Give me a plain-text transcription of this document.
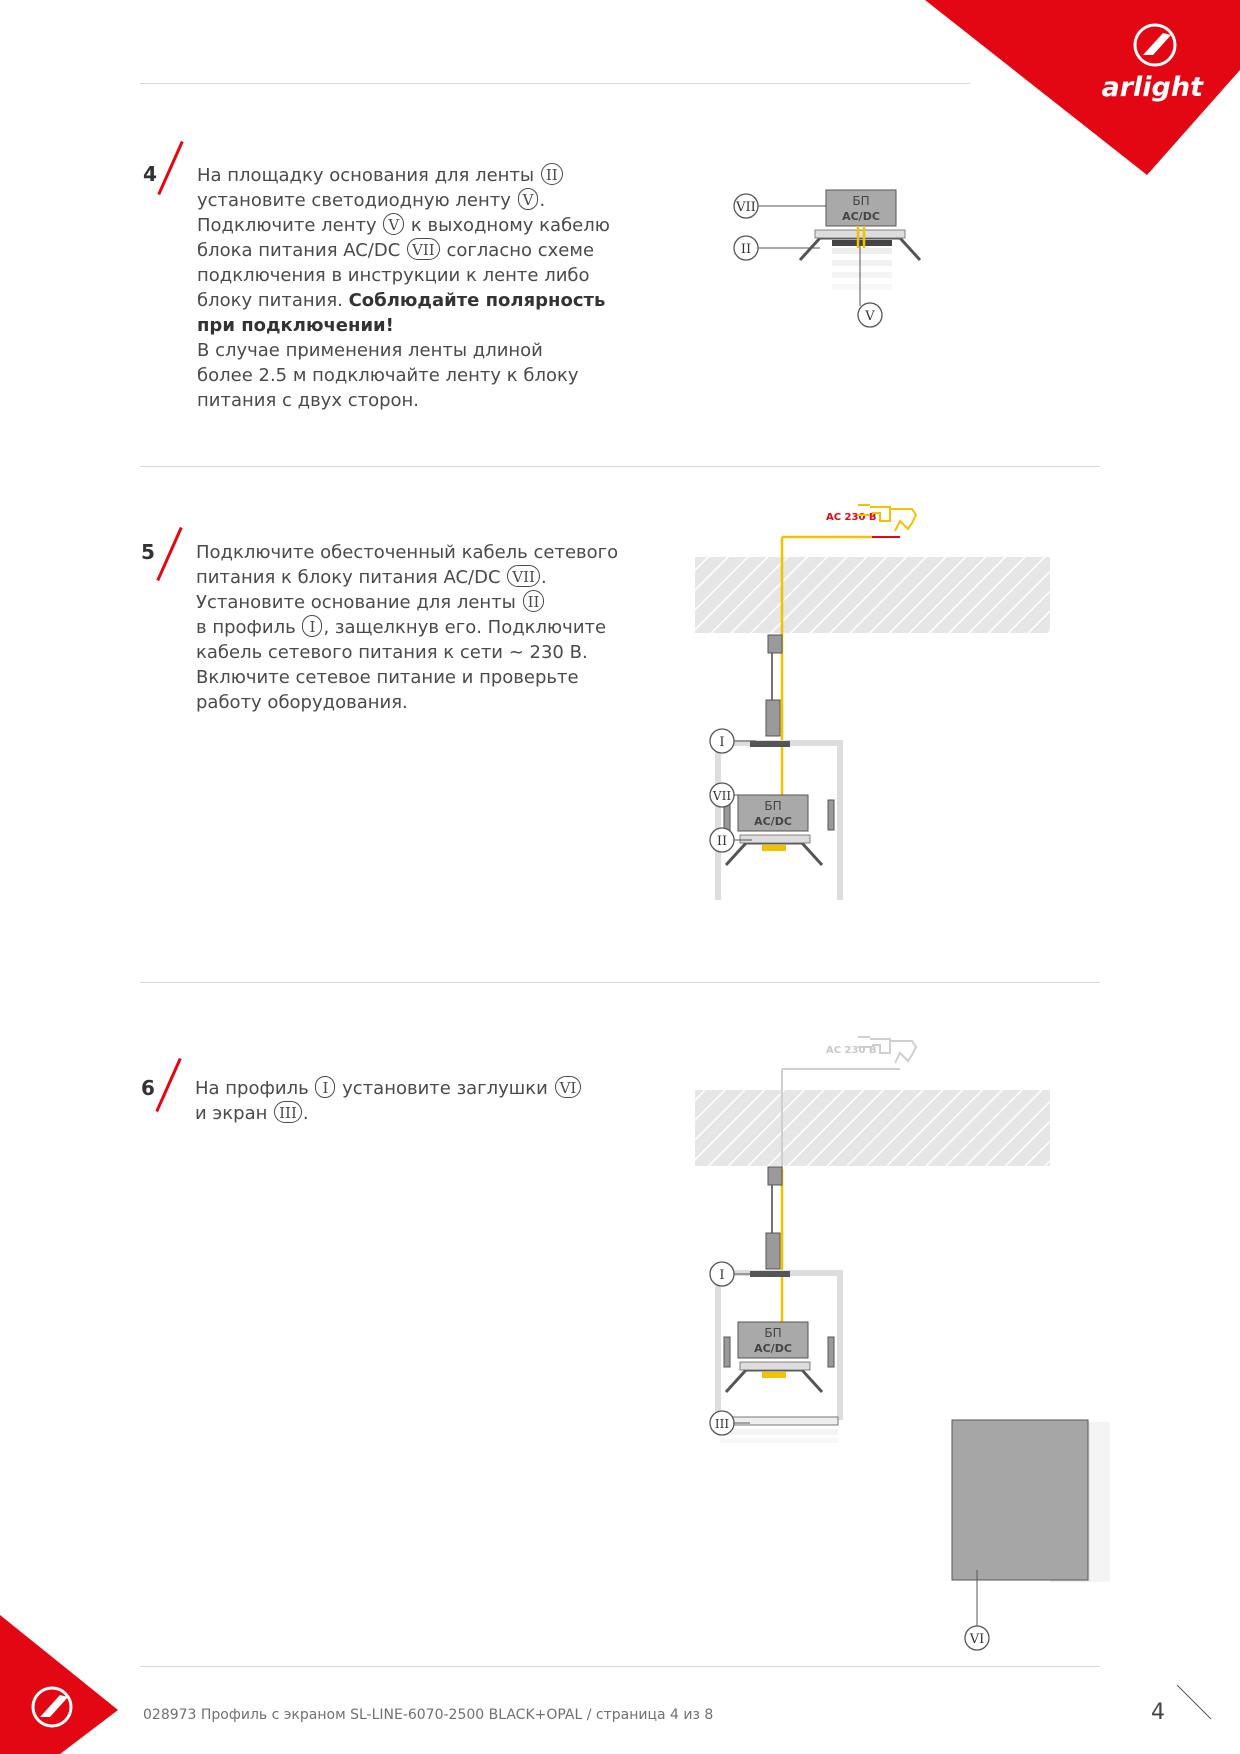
arlight
4 На площадку основания для ленты II

установите светодиодную ленту V .

Подключите ленту V к выходному кабелю

блока питания AC/DC VII согласно схеме

подключения в инструкции к ленте либо

блоку питания. Соблюдайте полярность

при подключении!

В случае применения ленты длиной

более 2.5 м подключайте ленту к блоку

питания с двух сторон.

БП
AC/DC
VII
II
V
5 Подключите обесточенный кабель сетевого

питания к блоку питания AC/DC VII .

Установите основание для ленты II

в профиль I , защелкнув его. Подключите

кабель сетевого питания к сети ~ 230 В.

Включите сетевое питание и проверьте

работу оборудования.

AC 230 В
БП
AC/DC
I
VII
II
6 На профиль I установите заглушки VI

и экран III .

AC 230 В
БП
AC/DC
I
III
VI
028973 Профиль с экраном SL-LINE-6070-2500 BLACK+OPAL / страница 4 из 8	4
